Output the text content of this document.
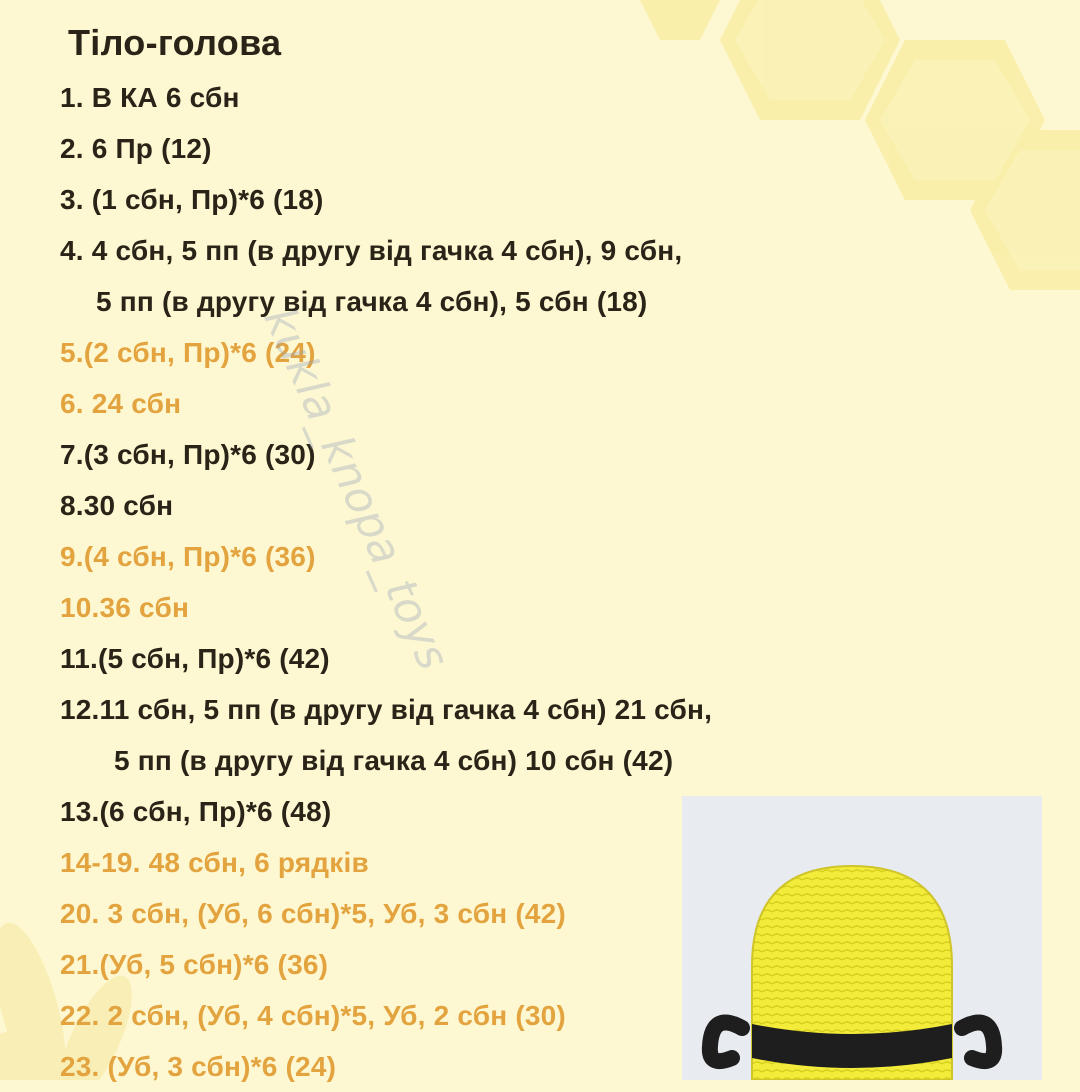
Тіло-голова
1. В КА 6 сбн
2. 6 Пр (12)
3. (1 сбн, Пр)*6 (18)
4. 4 сбн, 5 пп (в другу від гачка 4 сбн), 9 сбн,
5 пп (в другу від гачка 4 сбн), 5 сбн (18)
5.(2 сбн, Пр)*6 (24)
6. 24 сбн
7.(3 сбн, Пр)*6 (30)
8.30 сбн
9.(4 сбн, Пр)*6 (36)
10.36 сбн
11.(5 сбн, Пр)*6 (42)
12.11 сбн, 5 пп (в другу від гачка 4 сбн) 21 сбн,
5 пп (в другу від гачка 4 сбн) 10 сбн (42)
13.(6 сбн, Пр)*6 (48)
14-19. 48 сбн, 6 рядків
20. 3 сбн, (Уб, 6 сбн)*5, Уб, 3 сбн (42)
21.(Уб, 5 сбн)*6 (36)
22. 2 сбн, (Уб, 4 сбн)*5, Уб, 2 сбн (30)
23. (Уб, 3 сбн)*6 (24)
kukla_knopa_toys
